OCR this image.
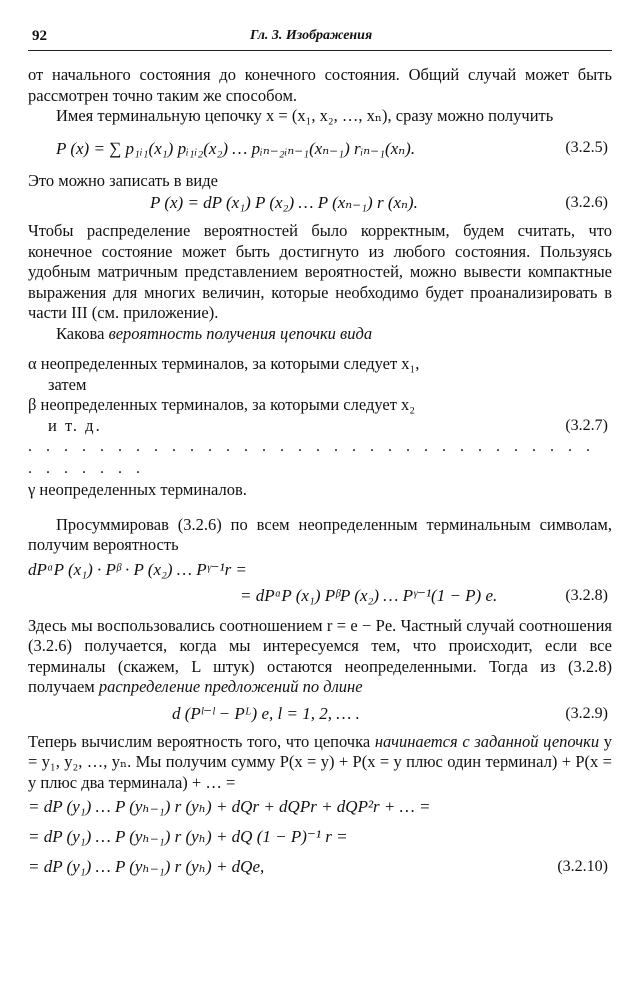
92	Гл. 3. Изображения

от начального состояния до конечного состояния. Общий случай может быть рассмотрен точно таким же способом.

Имея терминальную цепочку x = (x₁, x₂, …, xₙ), сразу можно получить

P (x) = ∑ p₁ᵢ₁(x₁) pᵢ₁ᵢ₂(x₂) … pᵢₙ₋₂ᵢₙ₋₁(xₙ₋₁) rᵢₙ₋₁(xₙ).	(3.2.5)

Это можно записать в виде

P (x) = dP (x₁) P (x₂) … P (xₙ₋₁) r (xₙ).	(3.2.6)

Чтобы распределение вероятностей было корректным, будем считать, что конечное состояние может быть достигнуто из любого состояния. Пользуясь удобным матричным представлением вероятностей, можно вывести компактные выражения для многих величин, которые необходимо будет проанализировать в части III (см. приложение).

Какова вероятность получения цепочки вида

α неопределенных терминалов, за которыми следует x₁,
затем
β неопределенных терминалов, за которыми следует x₂
и т. д.	(3.2.7)
. . . . . . . . . . . . . . . . . . . . . . . . . . . . . . . . . . . . . . .
γ неопределенных терминалов.

Просуммировав (3.2.6) по всем неопределенным терминальным символам, получим вероятность

dPᵅP (x₁) · Pᵝ · P (x₂) … Pᵞ⁻¹r =
= dPᵅP (x₁) PᵝP (x₂) … Pᵞ⁻¹(1 − P) e.	(3.2.8)

Здесь мы воспользовались соотношением r = e − Pe. Частный случай соотношения (3.2.6) получается, когда мы интересуемся тем, что происходит, если все терминалы (скажем, L штук) остаются неопределенными. Тогда из (3.2.8) получаем распределение предложений по длине

d (Pˡ⁻ˡ − Pᴸ) e, l = 1, 2, … .	(3.2.9)

Теперь вычислим вероятность того, что цепочка начинается с заданной цепочки y = y₁, y₂, …, yₙ. Мы получим сумму P(x = y) + P(x = y плюс один терминал) + P(x = y плюс два терминала) + … =

= dP (y₁) … P (yₕ₋₁) r (yₕ) + dQr + dQPr + dQP²r + … =
= dP (y₁) … P (yₕ₋₁) r (yₕ) + dQ (1 − P)⁻¹ r =
= dP (y₁) … P (yₕ₋₁) r (yₕ) + dQe,	(3.2.10)
